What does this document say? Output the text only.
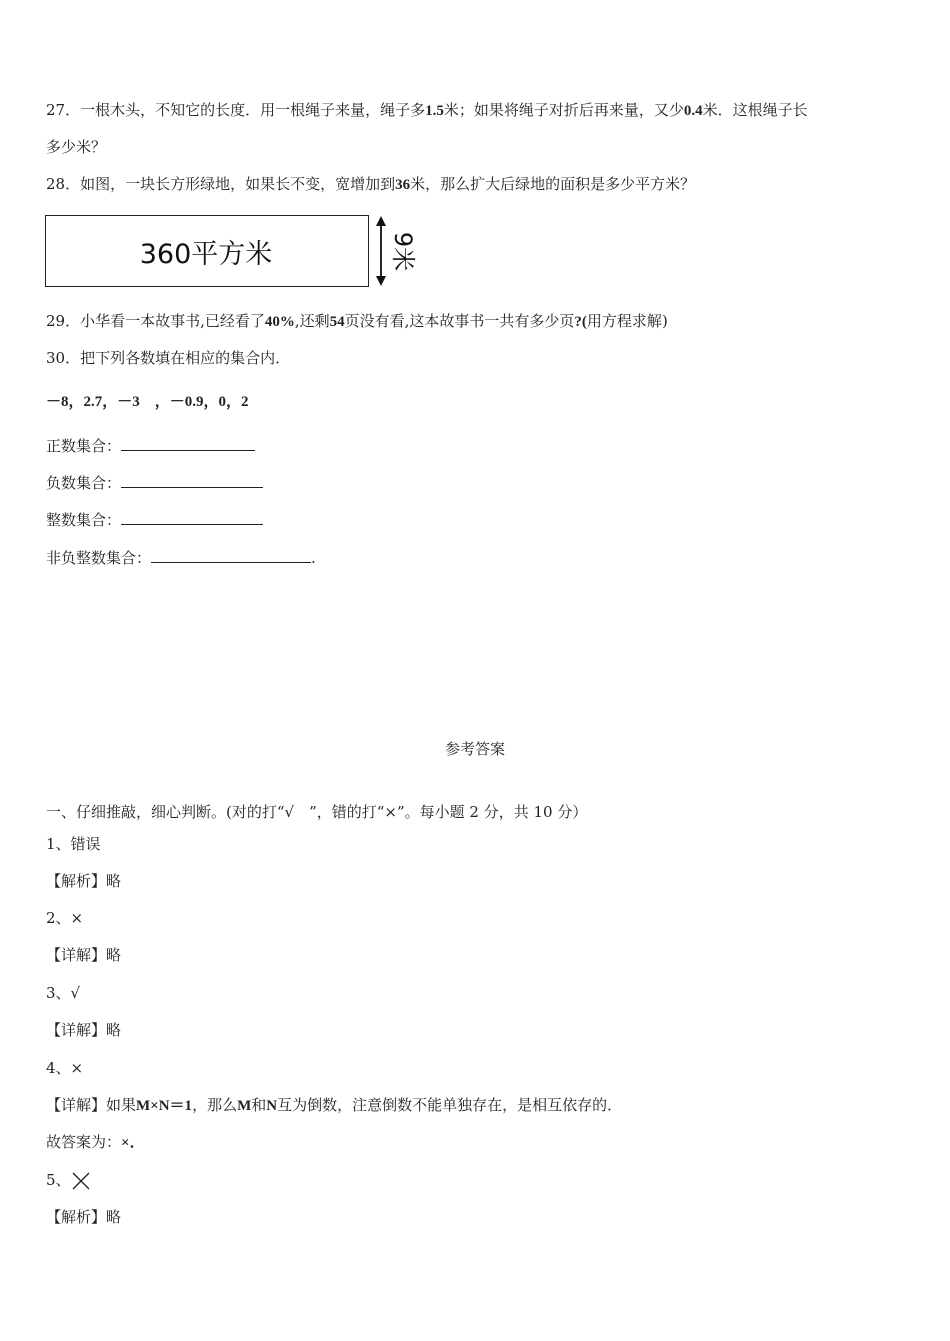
27．一根木头，不知它的长度．用一根绳子来量，绳子多1.5米；如果将绳子对折后再来量，又少0.4米．这根绳子长
多少米？
28．如图，一块长方形绿地，如果长不变，宽增加到36米，那么扩大后绿地的面积是多少平方米？
360平方米	9米
29．小华看一本故事书,已经看了40%,还剩54页没有看,这本故事书一共有多少页?(用方程求解)
30．把下列各数填在相应的集合内．
－8，2.7，－3　，－0.9，0，2
正数集合：
负数集合：
整数集合：
非负整数集合：	.
参考答案
一、仔细推敲，细心判断。(对的打“√　”，错的打“×”。每小题 2 分，共 10 分）
1、错误
【解析】略
2、×
【详解】略
3、√
【详解】略
4、×
【详解】如果M×N＝1，那么M和N互为倒数，注意倒数不能单独存在，是相互依存的．
故答案为：×．
5、
【解析】略
